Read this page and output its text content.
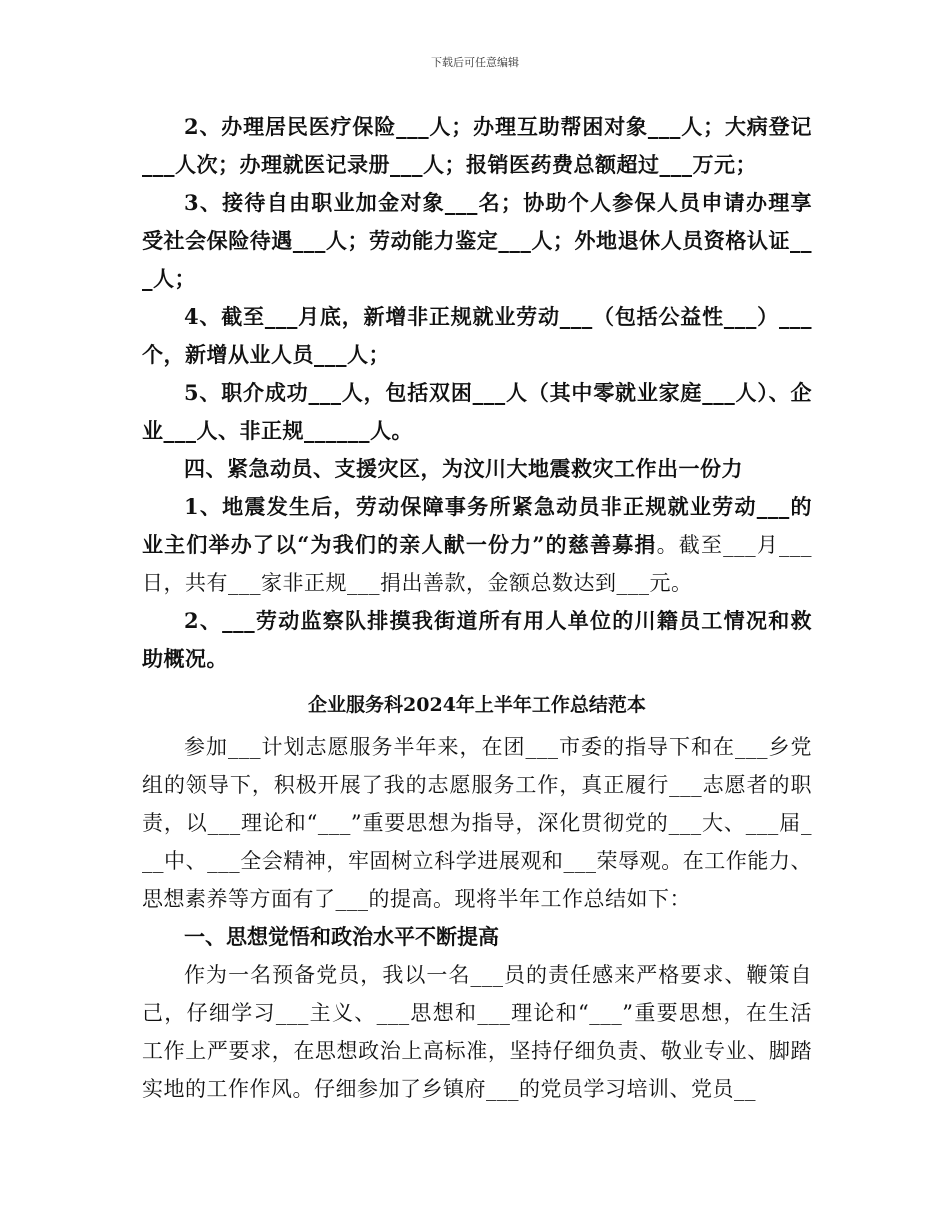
下载后可任意编辑

2、办理居民医疗保险___人；办理互助帮困对象___人；大病登记___人次；办理就医记录册___人；报销医药费总额超过___万元；

3、接待自由职业加金对象___名；协助个人参保人员申请办理享受社会保险待遇___人；劳动能力鉴定___人；外地退休人员资格认证___人；

4、截至___月底，新增非正规就业劳动___（包括公益性___）___个，新增从业人员___人；

5、职介成功___人，包括双困___人（其中零就业家庭___人）、企业___人、非正规______人。

四、紧急动员、支援灾区，为汶川大地震救灾工作出一份力

1、地震发生后，劳动保障事务所紧急动员非正规就业劳动___的业主们举办了以“为我们的亲人献一份力”的慈善募捐。截至___月___日，共有___家非正规___捐出善款，金额总数达到___元。

2、___劳动监察队排摸我街道所有用人单位的川籍员工情况和救助概况。

企业服务科2024年上半年工作总结范本

参加___计划志愿服务半年来，在团___市委的指导下和在___乡党组的领导下，积极开展了我的志愿服务工作，真正履行___志愿者的职责，以___理论和“___”重要思想为指导，深化贯彻党的___大、___届___中、___全会精神，牢固树立科学进展观和___荣辱观。在工作能力、思想素养等方面有了___的提高。现将半年工作总结如下：

一、思想觉悟和政治水平不断提高

作为一名预备党员，我以一名___员的责任感来严格要求、鞭策自己，仔细学习___主义、___思想和___理论和“___”重要思想，在生活工作上严要求，在思想政治上高标准，坚持仔细负责、敬业专业、脚踏实地的工作作风。仔细参加了乡镇府___的党员学习培训、党员__
